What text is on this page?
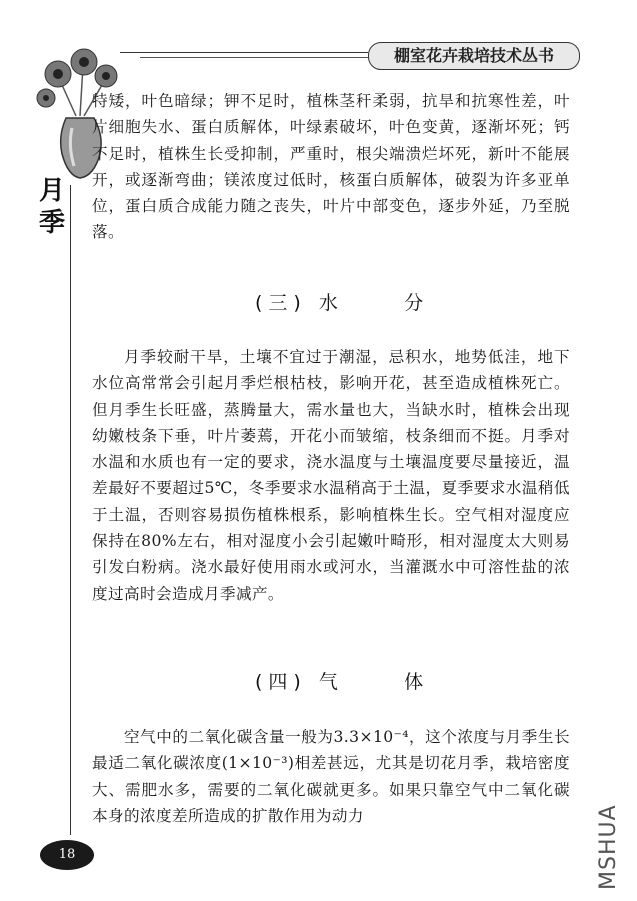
棚室花卉栽培技术丛书
月
季
特矮，叶色暗绿；钾不足时，植株茎秆柔弱，抗旱和抗寒性差，叶片细胞失水、蛋白质解体，叶绿素破坏，叶色变黄，逐渐坏死；钙不足时，植株生长受抑制，严重时，根尖端溃烂坏死，新叶不能展开，或逐渐弯曲；镁浓度过低时，核蛋白质解体，破裂为许多亚单位，蛋白质合成能力随之丧失，叶片中部变色，逐步外延，乃至脱落。
(三) 水     分
月季较耐干旱，土壤不宜过于潮湿，忌积水，地势低洼，地下水位高常常会引起月季烂根枯枝，影响开花，甚至造成植株死亡。但月季生长旺盛，蒸腾量大，需水量也大，当缺水时，植株会出现幼嫩枝条下垂，叶片萎蔫，开花小而皱缩，枝条细而不挺。月季对水温和水质也有一定的要求，浇水温度与土壤温度要尽量接近，温差最好不要超过5℃，冬季要求水温稍高于土温，夏季要求水温稍低于土温，否则容易损伤植株根系，影响植株生长。空气相对湿度应保持在80%左右，相对湿度小会引起嫩叶畸形，相对湿度太大则易引发白粉病。浇水最好使用雨水或河水，当灌溉水中可溶性盐的浓度过高时会造成月季减产。
(四) 气     体
空气中的二氧化碳含量一般为3.3×10⁻⁴，这个浓度与月季生长最适二氧化碳浓度(1×10⁻³)相差甚远，尤其是切花月季，栽培密度大、需肥水多，需要的二氧化碳就更多。如果只靠空气中二氧化碳本身的浓度差所造成的扩散作用为动力
18	MSHUA
